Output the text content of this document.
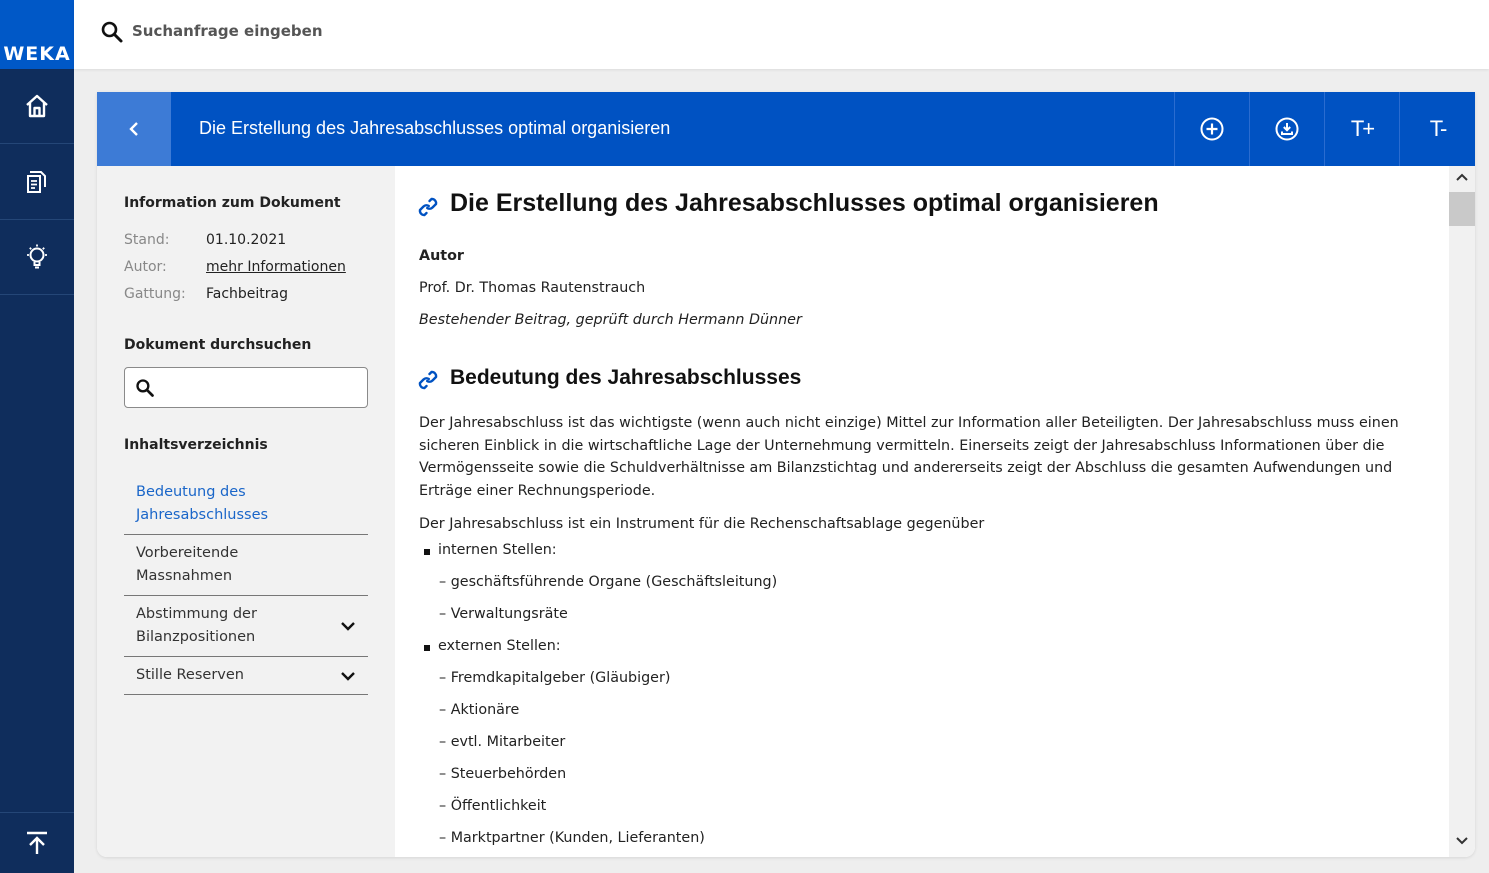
WEKA
Suchanfrage eingeben
Die Erstellung des Jahresabschlusses optimal organisieren	T+	T-
Information zum Dokument
Stand:	01.10.2021
Autor:	mehr Informationen
Gattung:	Fachbeitrag
Dokument durchsuchen
Inhaltsverzeichnis
Bedeutung des Jahresabschlusses
Vorbereitende Massnahmen
Abstimmung der Bilanzpositionen
Stille Reserven
Die Erstellung des Jahresabschlusses optimal organisieren
Autor
Prof. Dr. Thomas Rautenstrauch
Bestehender Beitrag, geprüft durch Hermann Dünner
Bedeutung des Jahresabschlusses
Der Jahresabschluss ist das wichtigste (wenn auch nicht einzige) Mittel zur Information aller Beteiligten. Der Jahresabschluss muss einen sicheren Einblick in die wirtschaftliche Lage der Unternehmung vermitteln. Einerseits zeigt der Jahresabschluss Informationen über die Vermögensseite sowie die Schuldverhältnisse am Bilanzstichtag und andererseits zeigt der Abschluss die gesamten Aufwendungen und Erträge einer Rechnungsperiode.
Der Jahresabschluss ist ein Instrument für die Rechenschaftsablage gegenüber
internen Stellen:
– geschäftsführende Organe (Geschäftsleitung)
– Verwaltungsräte
externen Stellen:
– Fremdkapitalgeber (Gläubiger)
– Aktionäre
– evtl. Mitarbeiter
– Steuerbehörden
– Öffentlichkeit
– Marktpartner (Kunden, Lieferanten)
